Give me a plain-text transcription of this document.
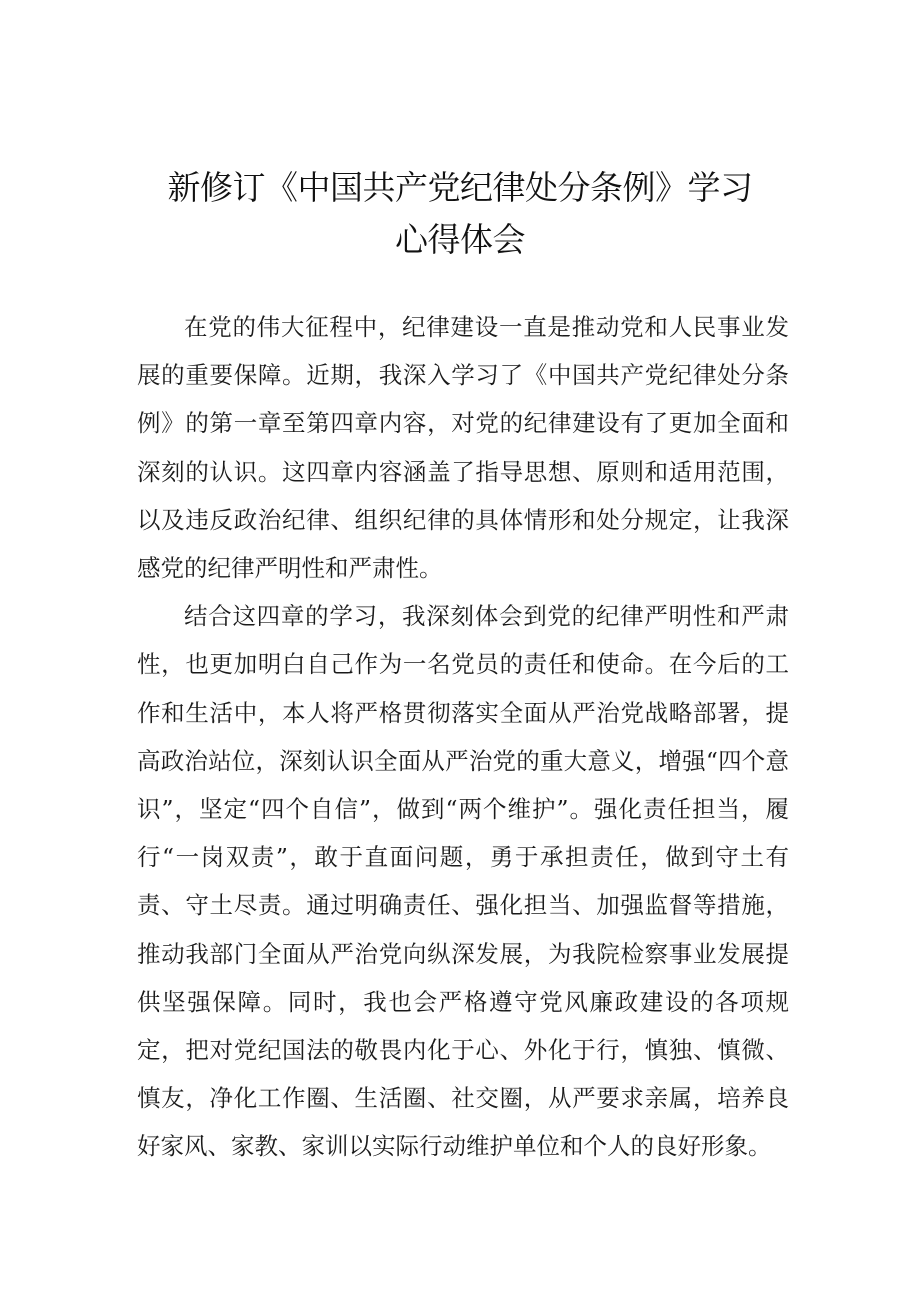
新修订《中国共产党纪律处分条例》学习
心得体会

在党的伟大征程中，纪律建设一直是推动党和人民事业发展的重要保障。近期，我深入学习了《中国共产党纪律处分条例》的第一章至第四章内容，对党的纪律建设有了更加全面和深刻的认识。这四章内容涵盖了指导思想、原则和适用范围，以及违反政治纪律、组织纪律的具体情形和处分规定，让我深感党的纪律严明性和严肃性。

结合这四章的学习，我深刻体会到党的纪律严明性和严肃性，也更加明白自己作为一名党员的责任和使命。在今后的工作和生活中，本人将严格贯彻落实全面从严治党战略部署，提高政治站位，深刻认识全面从严治党的重大意义，增强“四个意识”，坚定“四个自信”，做到“两个维护”。强化责任担当，履行“一岗双责”，敢于直面问题，勇于承担责任，做到守土有责、守土尽责。通过明确责任、强化担当、加强监督等措施，推动我部门全面从严治党向纵深发展，为我院检察事业发展提供坚强保障。同时，我也会严格遵守党风廉政建设的各项规定，把对党纪国法的敬畏内化于心、外化于行，慎独、慎微、慎友，净化工作圈、生活圈、社交圈，从严要求亲属，培养良好家风、家教、家训以实际行动维护单位和个人的良好形象。
